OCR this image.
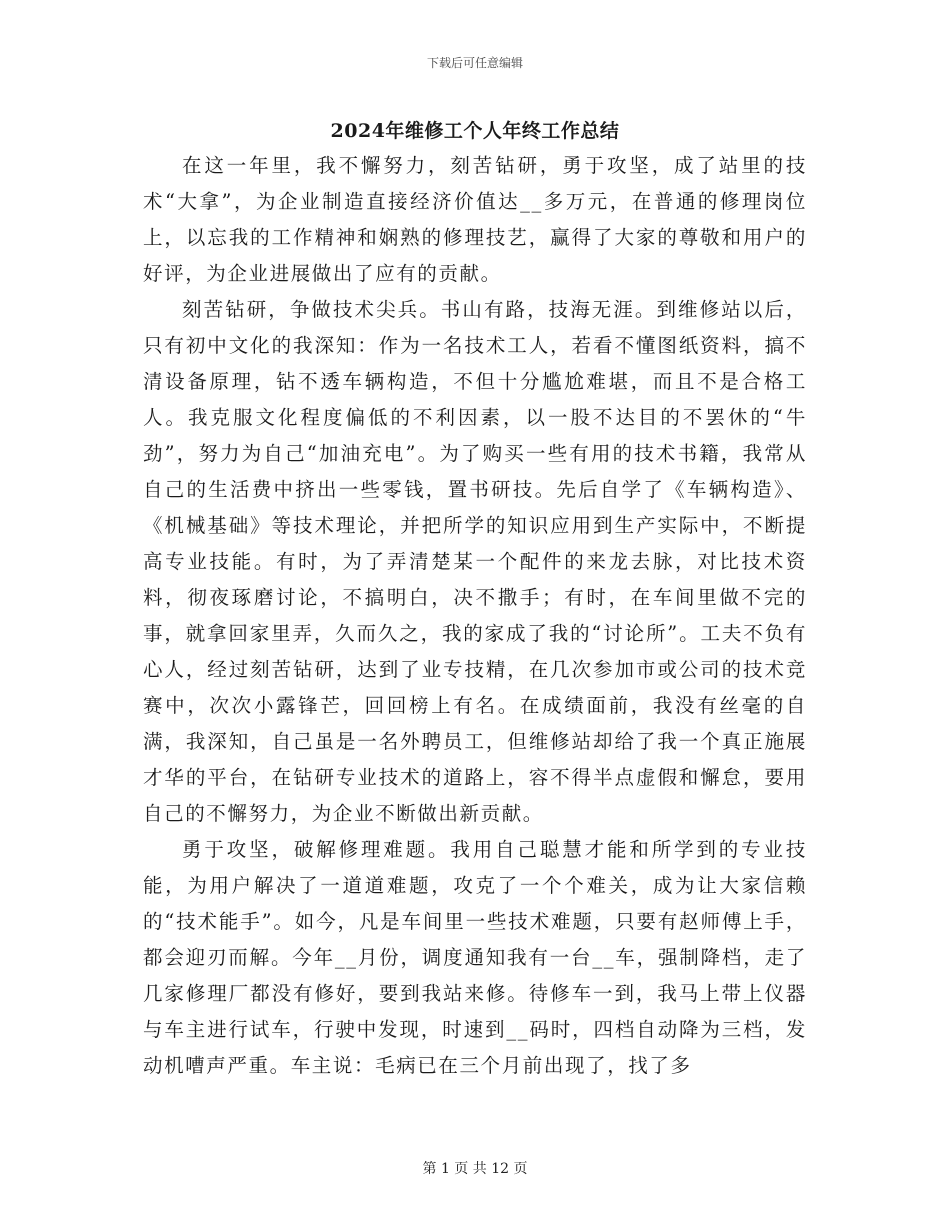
下载后可任意编辑
2024年维修工个人年终工作总结

在这一年里，我不懈努力，刻苦钻研，勇于攻坚，成了站里的技术“大拿”，为企业制造直接经济价值达__多万元，在普通的修理岗位上，以忘我的工作精神和娴熟的修理技艺，赢得了大家的尊敬和用户的好评，为企业进展做出了应有的贡献。

刻苦钻研，争做技术尖兵。书山有路，技海无涯。到维修站以后，只有初中文化的我深知：作为一名技术工人，若看不懂图纸资料，搞不清设备原理，钻不透车辆构造，不但十分尴尬难堪，而且不是合格工人。我克服文化程度偏低的不利因素，以一股不达目的不罢休的“牛劲”，努力为自己“加油充电”。为了购买一些有用的技术书籍，我常从自己的生活费中挤出一些零钱，置书研技。先后自学了《车辆构造》、《机械基础》等技术理论，并把所学的知识应用到生产实际中，不断提高专业技能。有时，为了弄清楚某一个配件的来龙去脉，对比技术资料，彻夜琢磨讨论，不搞明白，决不撒手；有时，在车间里做不完的事，就拿回家里弄，久而久之，我的家成了我的“讨论所”。工夫不负有心人，经过刻苦钻研，达到了业专技精，在几次参加市或公司的技术竞赛中，次次小露锋芒，回回榜上有名。在成绩面前，我没有丝毫的自满，我深知，自己虽是一名外聘员工，但维修站却给了我一个真正施展才华的平台，在钻研专业技术的道路上，容不得半点虚假和懈怠，要用自己的不懈努力，为企业不断做出新贡献。

勇于攻坚，破解修理难题。我用自己聪慧才能和所学到的专业技能，为用户解决了一道道难题，攻克了一个个难关，成为让大家信赖的“技术能手”。如今，凡是车间里一些技术难题，只要有赵师傅上手，都会迎刃而解。今年__月份，调度通知我有一台__车，强制降档，走了几家修理厂都没有修好，要到我站来修。待修车一到，我马上带上仪器与车主进行试车，行驶中发现，时速到__码时，四档自动降为三档，发动机嘈声严重。车主说：毛病已在三个月前出现了，找了多

第 1 页 共 12 页
